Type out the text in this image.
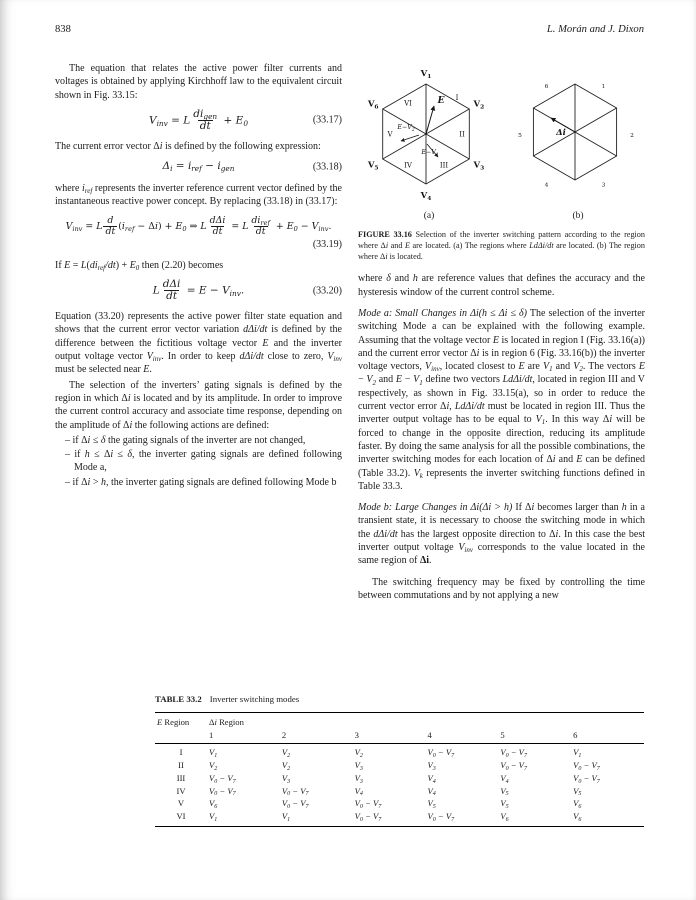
838	L. Morán and J. Dixon

The equation that relates the active power filter currents and voltages is obtained by applying Kirchhoff law to the equivalent circuit shown in Fig. 33.15:

$V_{inv} = L \frac{di_{gen}}{dt} + E_0$	(33.17)

The current error vector Δi is defined by the following expression:

$\Delta_i = i_{ref} - i_{gen}$	(33.18)

where $i_{ref}$ represents the inverter reference current vector defined by the instantaneous reactive power concept. By replacing (33.18) in (33.17):

$V_{inv} = L \frac{d}{dt} (i_{ref} - \Delta i) + E_0$ ⇒ L $\frac{\text{dΔi}}{dt} = L \frac{di_{ref}}{dt} + E_0 - V_{inv}$.
(33.19)

If $E = L(di_{ref}/dt) + E_0$ then (2.20) becomes

L $\frac{\text{dΔi}}{dt} = E - V_{inv}$.	(33.20)

Equation (33.20) represents the active power filter state equation and shows that the current error vector variation dΔi/dt is defined by the difference between the fictitious voltage vector E and the inverter output voltage vector $V_{inv}$. In order to keep dΔi/dt close to zero, $V_{inv}$ must be selected near E.

The selection of the inverters’ gating signals is defined by the region in which Δi is located and by its amplitude. In order to improve the current control accuracy and associate time response, depending on the amplitude of Δi the following actions are defined:

– if Δi ≤ δ the gating signals of the inverter are not changed,
– if h ≤ Δi ≤ δ, the inverter gating signals are defined following Mode a,
– if Δi > h, the inverter gating signals are defined following Mode b
$V_1$
$V_2$
$V_3$
$V_4$
$V_5$
$V_6$
I
II
III
IV
V
VI	E
$E-V_2$
$E-V_1$
(a)
$_1$
$_2$
$_3$
$_4$
$_5$
$_6$
Δi
(b)

FIGURE 33.16 Selection of the inverter switching pattern according to the region where Δi and E are located. (a) The regions where LdΔi/dt are located. (b) The region where Δi is located.

where δ and h are reference values that defines the accuracy and the hysteresis window of the current control scheme.

Mode a: Small Changes in Δi(h ≤ Δi ≤ δ) The selection of the inverter switching Mode a can be explained with the following example. Assuming that the voltage vector E is located in region I (Fig. 33.16(a)) and the current error vector Δi is in region 6 (Fig. 33.16(b)) the inverter voltage vectors, $V_{inv}$, located closest to E are $V_1$ and $V_2$. The vectors $E - V_2$ and $E - V_1$ define two vectors LdΔi/dt, located in region III and V respectively, as shown in Fig. 33.15(a), so in order to reduce the current vector error Δi, LdΔi/dt must be located in region III. Thus the inverter output voltage has to be equal to $V_1$. In this way Δi will be forced to change in the opposite direction, reducing its amplitude faster. By doing the same analysis for all the possible combinations, the inverter switching modes for each location of Δi and E can be defined (Table 33.2). $V_k$ represents the inverter switching functions defined in Table 33.3.

Mode b: Large Changes in Δi(Δi > h) If Δi becomes larger than h in a transient state, it is necessary to choose the switching mode in which the dΔi/dt has the largest opposite direction to Δi. In this case the best inverter output voltage $V_{inv}$ corresponds to the value located in the same region of Δi.

The switching frequency may be fixed by controlling the time between commutations and by not applying a new

TABLE 33.2 Inverter switching modes
E Region	Δi Region					
	1	2	3	4	5	6
I	$V_1$	$V_2$	$V_2$	$V_0 - V_7$	$V_0 - V_7$	$V_1$
II	$V_2$	$V_2$	$V_3$	$V_3$	$V_0 - V_7$	$V_0 - V_7$
III	$V_0 - V_7$	$V_3$	$V_3$	$V_4$	$V_4$	$V_0 - V_7$
IV	$V_0 - V_7$	$V_0 - V_7$	$V_4$	$V_4$	$V_5$	$V_5$
V	$V_6$	$V_0 - V_7$	$V_0 - V_7$	$V_5$	$V_5$	$V_6$
VI	$V_1$	$V_1$	$V_0 - V_7$	$V_0 - V_7$	$V_6$	$V_6$
